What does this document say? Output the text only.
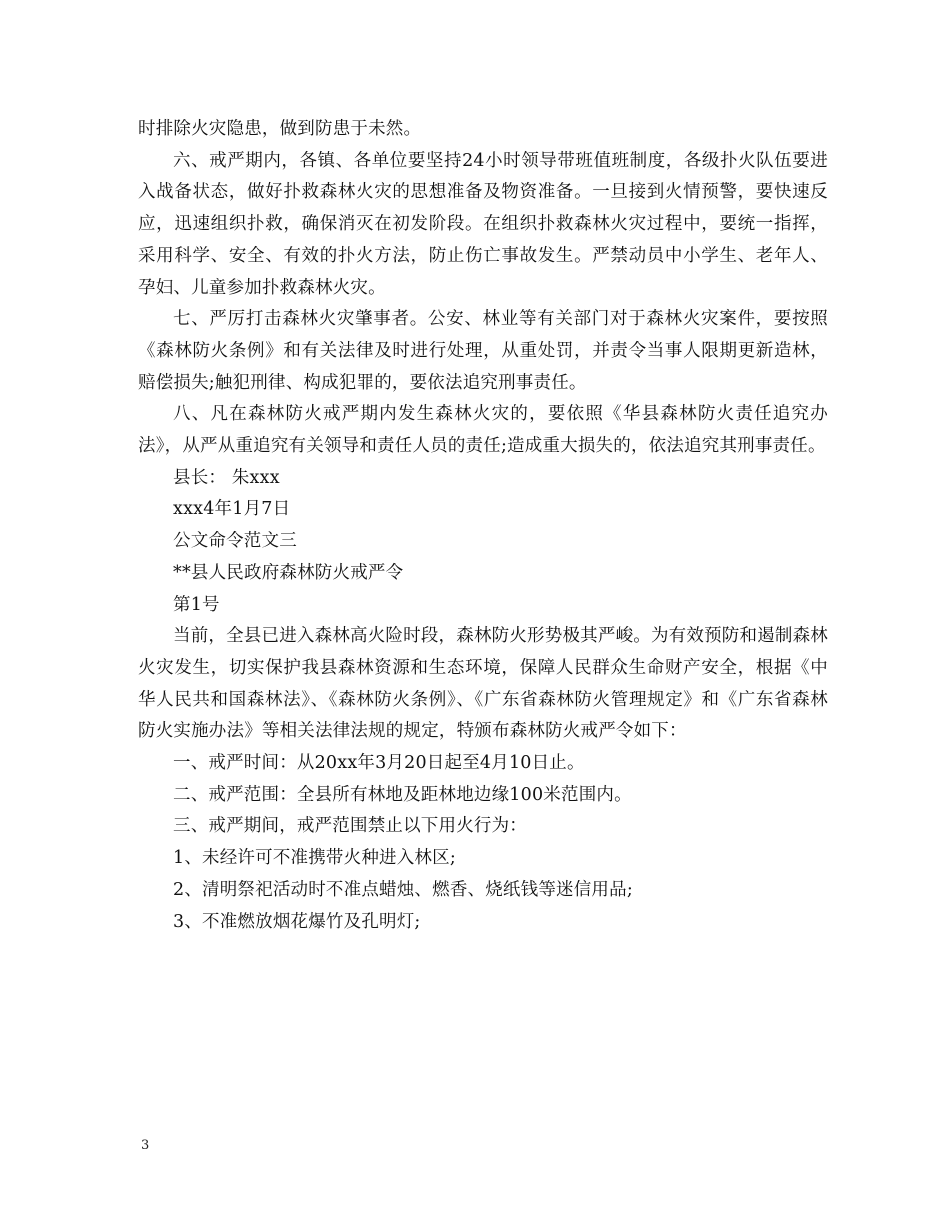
时排除火灾隐患，做到防患于未然。

六、戒严期内，各镇、各单位要坚持24小时领导带班值班制度，各级扑火队伍要进入战备状态，做好扑救森林火灾的思想准备及物资准备。一旦接到火情预警，要快速反应，迅速组织扑救，确保消灭在初发阶段。在组织扑救森林火灾过程中，要统一指挥，采用科学、安全、有效的扑火方法，防止伤亡事故发生。严禁动员中小学生、老年人、孕妇、儿童参加扑救森林火灾。

七、严厉打击森林火灾肇事者。公安、林业等有关部门对于森林火灾案件，要按照《森林防火条例》和有关法律及时进行处理，从重处罚，并责令当事人限期更新造林，赔偿损失;触犯刑律、构成犯罪的，要依法追究刑事责任。

八、凡在森林防火戒严期内发生森林火灾的，要依照《华县森林防火责任追究办法》，从严从重追究有关领导和责任人员的责任;造成重大损失的，依法追究其刑事责任。

县长： 朱xxx

xxx4年1月7日

公文命令范文三

**县人民政府森林防火戒严令

第1号

当前，全县已进入森林高火险时段，森林防火形势极其严峻。为有效预防和遏制森林火灾发生，切实保护我县森林资源和生态环境，保障人民群众生命财产安全，根据《中华人民共和国森林法》、《森林防火条例》、《广东省森林防火管理规定》和《广东省森林防火实施办法》等相关法律法规的规定，特颁布森林防火戒严令如下：

一、戒严时间：从20xx年3月20日起至4月10日止。

二、戒严范围：全县所有林地及距林地边缘100米范围内。

三、戒严期间，戒严范围禁止以下用火行为：

1、未经许可不准携带火种进入林区;

2、清明祭祀活动时不准点蜡烛、燃香、烧纸钱等迷信用品;

3、不准燃放烟花爆竹及孔明灯;

3
